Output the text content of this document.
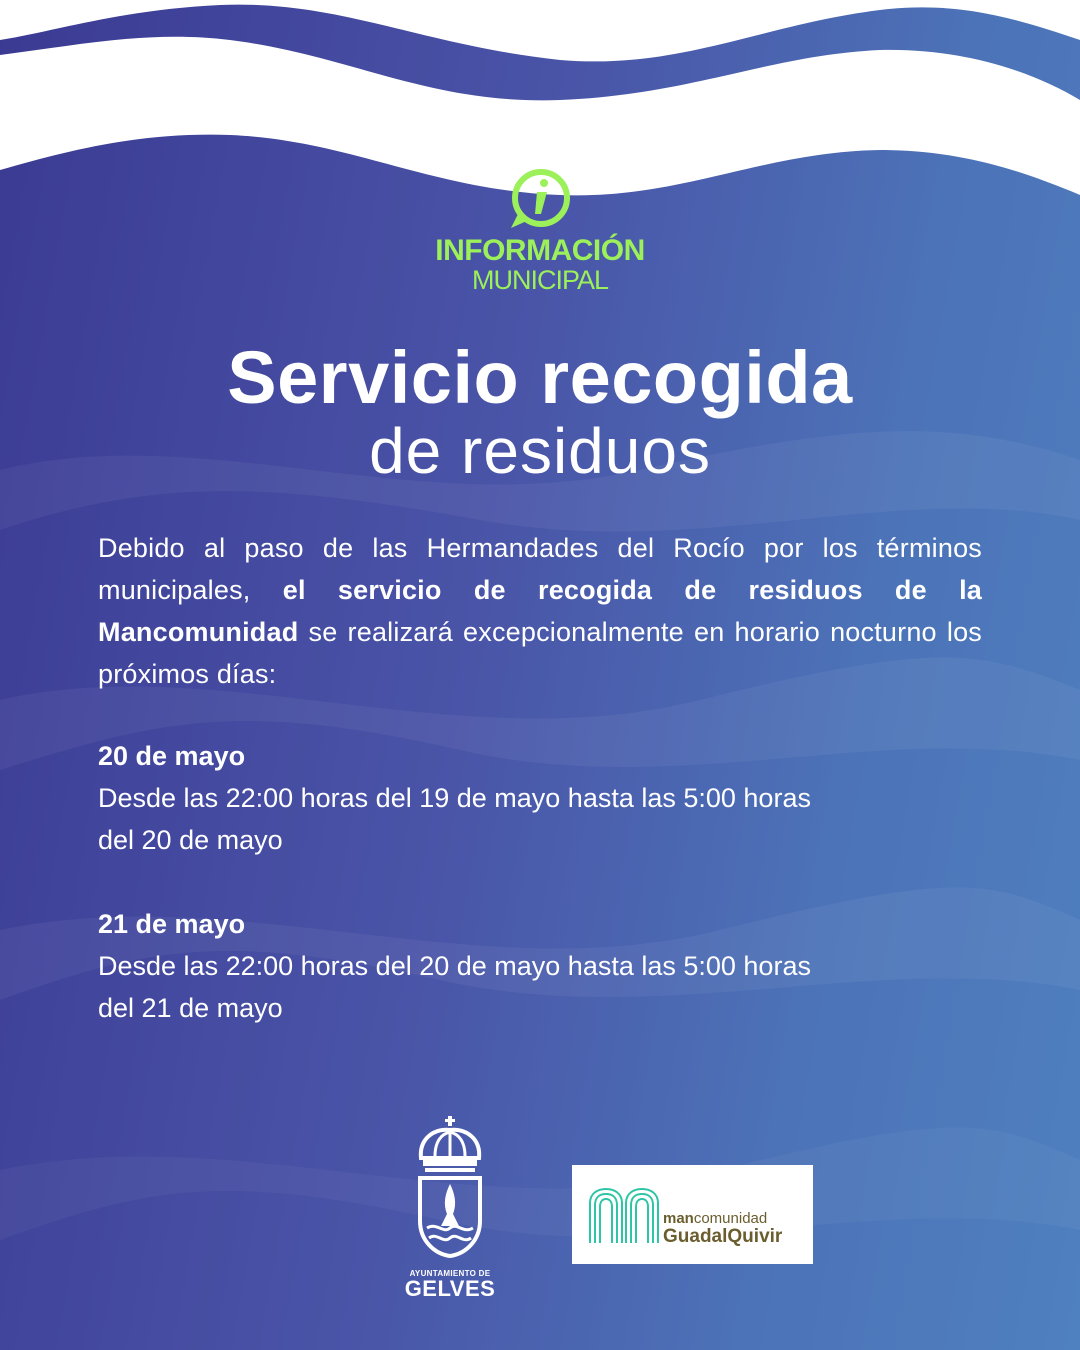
INFORMACIÓN
MUNICIPAL
Servicio recogida
de residuos

Debido al paso de las Hermandades del Rocío por los términos municipales, el servicio de recogida de residuos de la Mancomunidad se realizará excepcionalmente en horario nocturno los próximos días:

20 de mayo
Desde las 22:00 horas del 19 de mayo hasta las 5:00 horas
del 20 de mayo
21 de mayo
Desde las 22:00 horas del 20 de mayo hasta las 5:00 horas
del 21 de mayo
AYUNTAMIENTO DE
GELVES
mancomunidad
GuadalQuivir
